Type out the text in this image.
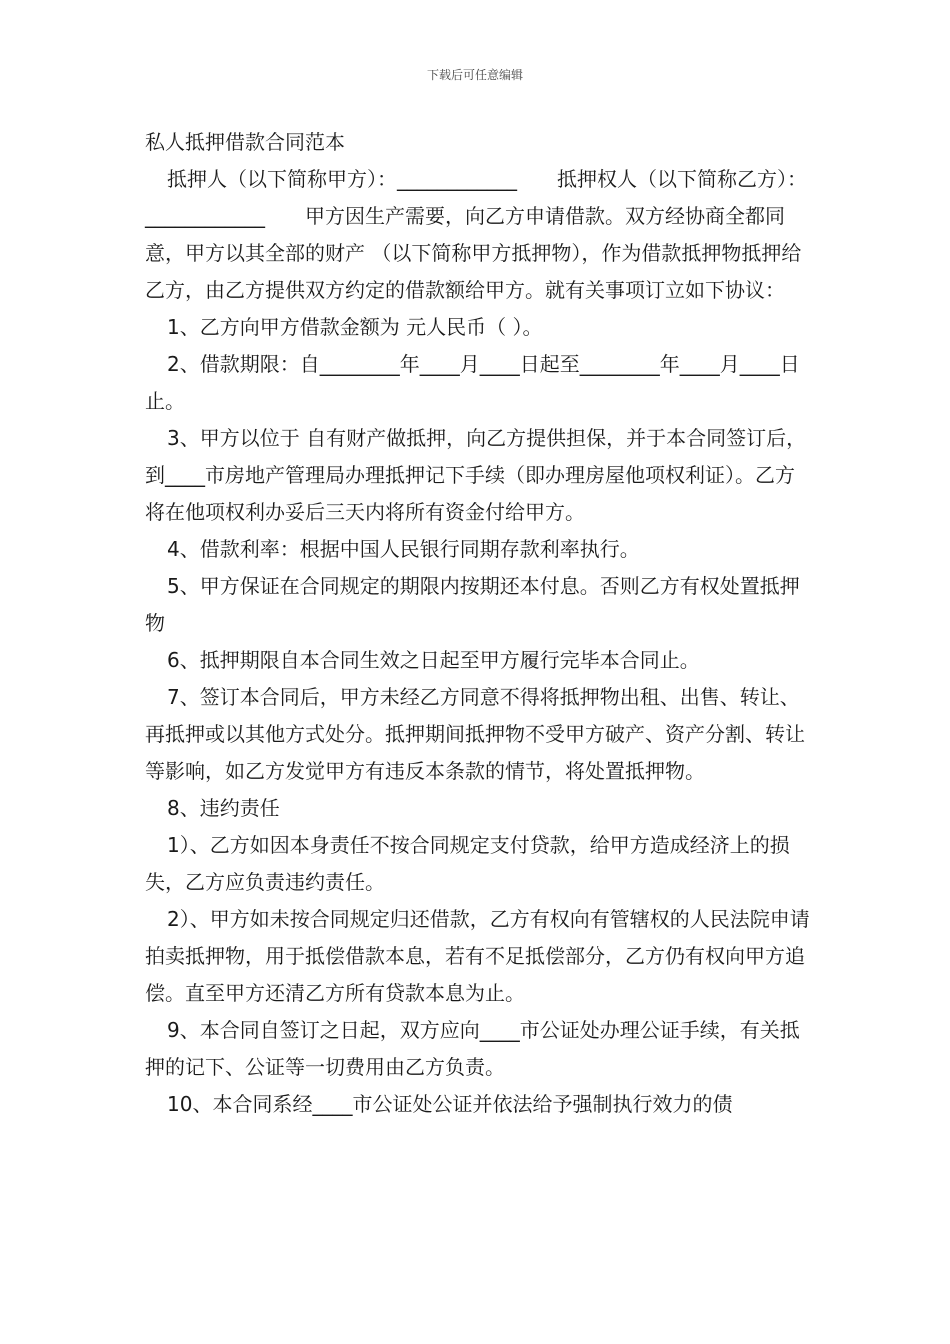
下载后可任意编辑

私人抵押借款合同范本

抵押人（以下简称甲方）：____________　　抵押权人（以下简称乙方）：____________　　甲方因生产需要，向乙方申请借款。双方经协商全都同意，甲方以其全部的财产 （以下简称甲方抵押物），作为借款抵押物抵押给乙方，由乙方提供双方约定的借款额给甲方。就有关事项订立如下协议：

1、乙方向甲方借款金额为 元人民币（ ）。

2、借款期限：自________年____月____日起至________年____月____日止。

3、甲方以位于 自有财产做抵押，向乙方提供担保，并于本合同签订后，到____市房地产管理局办理抵押记下手续（即办理房屋他项权利证）。乙方将在他项权利办妥后三天内将所有资金付给甲方。

4、借款利率：根据中国人民银行同期存款利率执行。

5、甲方保证在合同规定的期限内按期还本付息。否则乙方有权处置抵押物

6、抵押期限自本合同生效之日起至甲方履行完毕本合同止。

7、签订本合同后，甲方未经乙方同意不得将抵押物出租、出售、转让、再抵押或以其他方式处分。抵押期间抵押物不受甲方破产、资产分割、转让等影响，如乙方发觉甲方有违反本条款的情节，将处置抵押物。

8、违约责任

1）、乙方如因本身责任不按合同规定支付贷款，给甲方造成经济上的损失，乙方应负责违约责任。

2）、甲方如未按合同规定归还借款，乙方有权向有管辖权的人民法院申请拍卖抵押物，用于抵偿借款本息，若有不足抵偿部分，乙方仍有权向甲方追偿。直至甲方还清乙方所有贷款本息为止。

9、本合同自签订之日起，双方应向____市公证处办理公证手续，有关抵押的记下、公证等一切费用由乙方负责。

10、本合同系经____市公证处公证并依法给予强制执行效力的债
